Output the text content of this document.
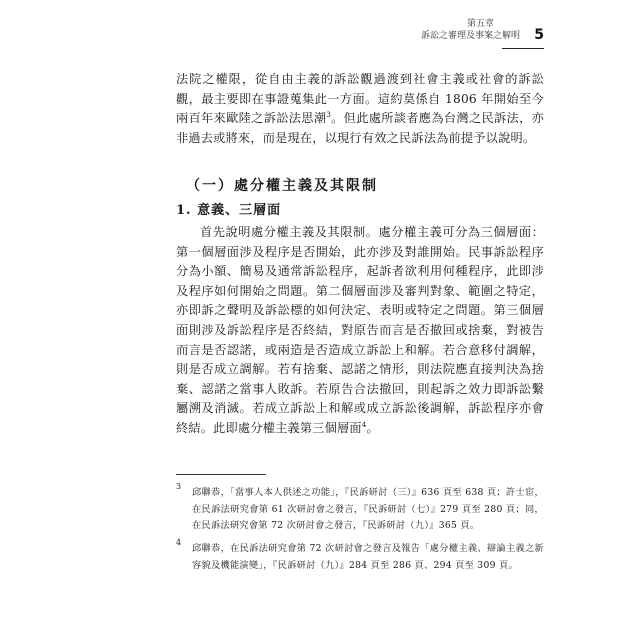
第五章
訴訟之審理及事案之解明 5

法院之權限，從自由主義的訴訟觀過渡到社會主義或社會的訴訟觀，最主要即在事證蒐集此一方面。這約莫係自 1806 年開始至今兩百年來歐陸之訴訟法思潮$^3$。但此處所談者應為台灣之民訴法，亦非過去或將來，而是現在，以現行有效之民訴法為前提予以說明。

（一）處分權主義及其限制
1. 意義、三層面

首先說明處分權主義及其限制。處分權主義可分為三個層面：第一個層面涉及程序是否開始，此亦涉及對誰開始。民事訴訟程序分為小額、簡易及通常訴訟程序，起訴者欲利用何種程序，此即涉及程序如何開始之問題。第二個層面涉及審判對象、範圍之特定，亦即訴之聲明及訴訟標的如何決定、表明或特定之問題。第三個層面則涉及訴訟程序是否終結，對原告而言是否撤回或捨棄，對被告而言是否認諾，或兩造是否造成立訴訟上和解。若合意移付調解，則是否成立調解。若有捨棄、認諾之情形，則法院應直接判決為捨棄、認諾之當事人敗訴。若原告合法撤回，則起訴之效力即訴訟繫屬溯及消滅。若成立訴訟上和解或成立訴訟後調解，訴訟程序亦會終結。此即處分權主義第三個層面$^4$。

3

邱聯恭，「當事人本人供述之功能」，『民訴研討（三）』636 頁至 638 頁；許士宦，在民訴法研究會第 61 次研討會之發言，『民訴研討（七）』279 頁至 280 頁；同，在民訴法研究會第 72 次研討會之發言，『民訴研討（九）』365 頁。

4

邱聯恭，在民訴法研究會第 72 次研討會之發言及報告「處分權主義、辯論主義之新容貌及機能演變」，『民訴研討（九）』284 頁至 286 頁、294 頁至 309 頁。
